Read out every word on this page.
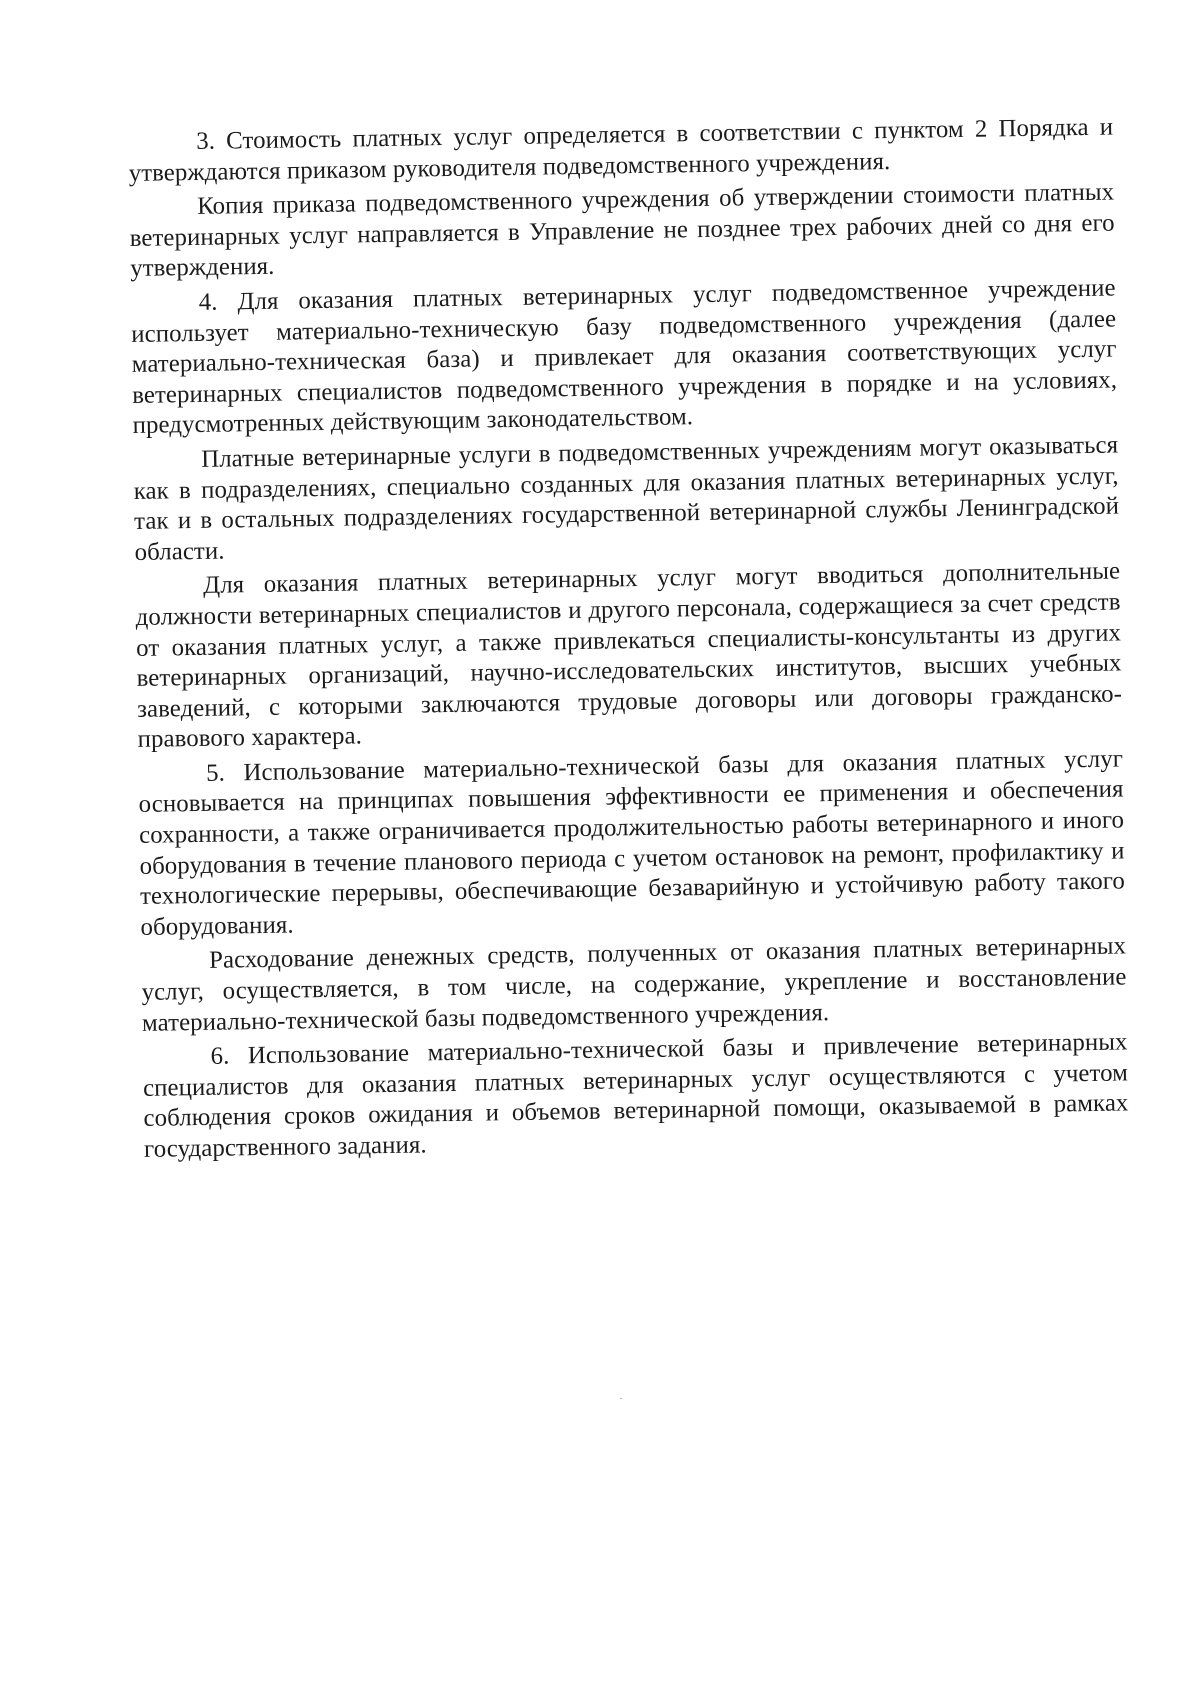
3. Стоимость платных услуг определяется в соответствии с пунктом 2 Порядка и утверждаются приказом руководителя подведомственного учреждения.

Копия приказа подведомственного учреждения об утверждении стоимости платных ветеринарных услуг направляется в Управление не позднее трех рабочих дней со дня его утверждения.

4. Для оказания платных ветеринарных услуг подведомственное учреждение использует материально-техническую базу подведомственного учреждения (далее материально-техническая база) и привлекает для оказания соответствующих услуг ветеринарных специалистов подведомственного учреждения в порядке и на условиях, предусмотренных действующим законодательством.

Платные ветеринарные услуги в подведомственных учреждениям могут оказываться как в подразделениях, специально созданных для оказания платных ветеринарных услуг, так и в остальных подразделениях государственной ветеринарной службы Ленинградской области.

Для оказания платных ветеринарных услуг могут вводиться дополнительные должности ветеринарных специалистов и другого персонала, содержащиеся за счет средств от оказания платных услуг, а также привлекаться специалисты-консультанты из других ветеринарных организаций, научно-исследовательских институтов, высших учебных заведений, с которыми заключаются трудовые договоры или договоры гражданско-правового характера.

5. Использование материально-технической базы для оказания платных услуг основывается на принципах повышения эффективности ее применения и обеспечения сохранности, а также ограничивается продолжительностью работы ветеринарного и иного оборудования в течение планового периода с учетом остановок на ремонт, профилактику и технологические перерывы, обеспечивающие безаварийную и устойчивую работу такого оборудования.

Расходование денежных средств, полученных от оказания платных ветеринарных услуг, осуществляется, в том числе, на содержание, укрепление и восстановление материально-технической базы подведомственного учреждения.

6. Использование материально-технической базы и привлечение ветеринарных специалистов для оказания платных ветеринарных услуг осуществляются с учетом соблюдения сроков ожидания и объемов ветеринарной помощи, оказываемой в рамках государственного задания.
